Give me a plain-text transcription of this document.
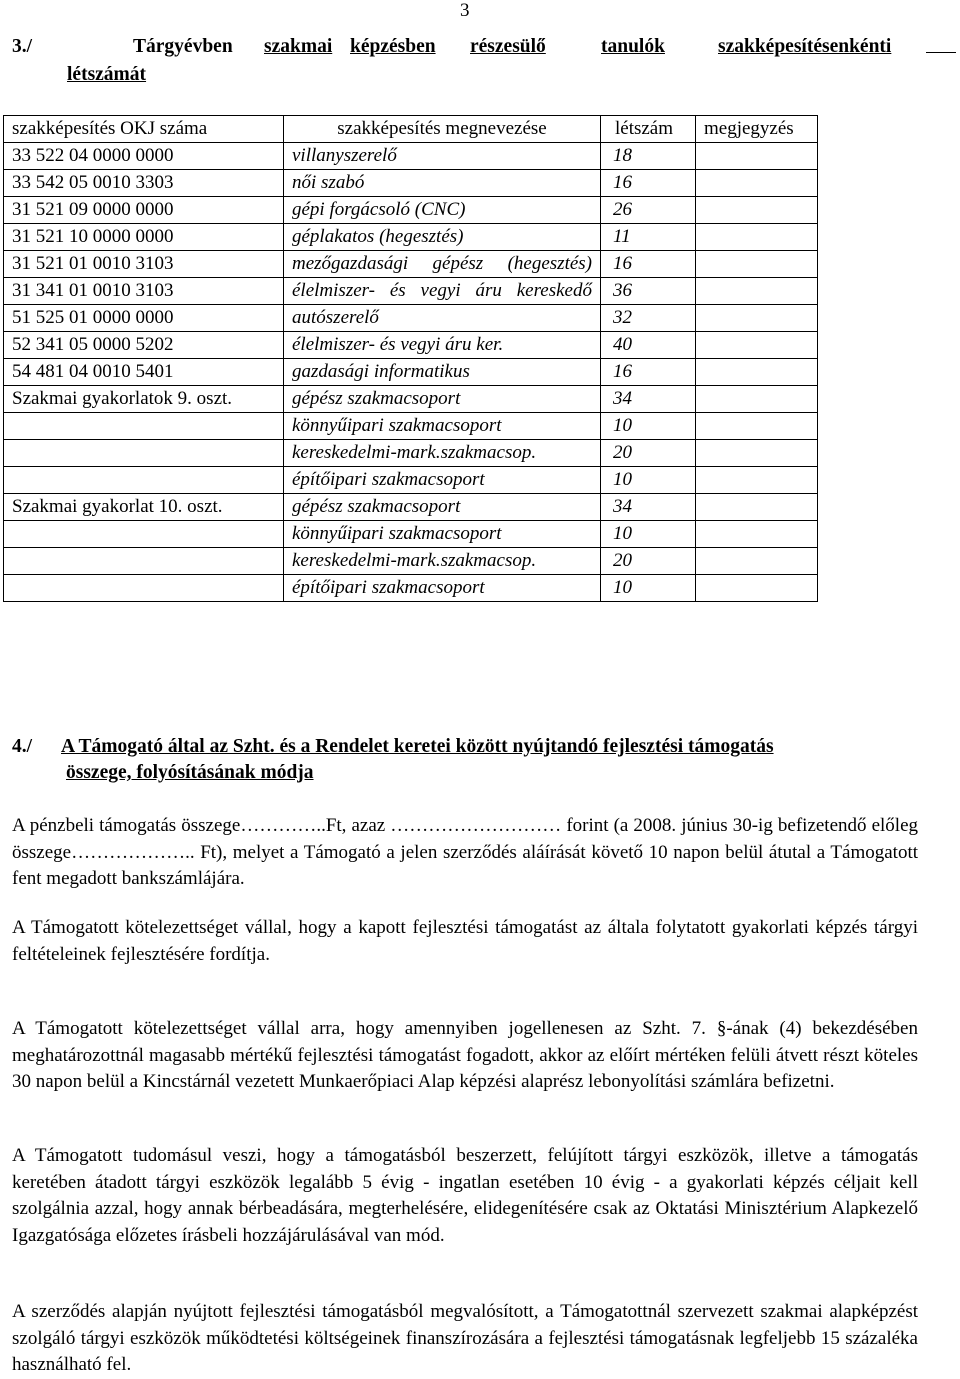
3
3./	Tárgyévben szakmai képzésben részesülő	tanulók	szakképesítésenkénti
létszámát
szakképesítés OKJ száma	szakképesítés megnevezése	létszám	megjegyzés
33 522 04 0000 0000	villanyszerelő	18	
33 542 05 0010 3303	női szabó	16	
31 521 09 0000 0000	gépi forgácsoló (CNC)	26	
31 521 10 0000 0000	géplakatos (hegesztés)	11	
31 521 01 0010 3103	mezőgazdasági gépész (hegesztés)	16	
31 341 01 0010 3103	élelmiszer- és vegyi áru kereskedő	36	
51 525 01 0000 0000	autószerelő	32	
52 341 05 0000 5202	élelmiszer- és vegyi áru ker.	40	
54 481 04 0010 5401	gazdasági informatikus	16	
Szakmai gyakorlatok 9. oszt.	gépész szakmacsoport	34	
	könnyűipari szakmacsoport	10	
	kereskedelmi-mark.szakmacsop.	20	
	építőipari szakmacsoport	10	
Szakmai gyakorlat 10. oszt.	gépész szakmacsoport	34	
	könnyűipari szakmacsoport	10	
	kereskedelmi-mark.szakmacsop.	20	
	építőipari szakmacsoport	10	
4./ A Támogató által az Szht. és a Rendelet keretei között nyújtandó fejlesztési támogatás
összege, folyósításának módja

A pénzbeli támogatás összege…………..Ft, azaz ……………………… forint (a 2008. június 30-ig befizetendő előleg összege……………….. Ft), melyet a Támogató a jelen szerződés aláírását követő 10 napon belül átutal a Támogatott fent megadott bankszámlájára.

A Támogatott kötelezettséget vállal, hogy a kapott fejlesztési támogatást az általa folytatott gyakorlati képzés tárgyi feltételeinek fejlesztésére fordítja.

A Támogatott kötelezettséget vállal arra, hogy amennyiben jogellenesen az Szht. 7. §-ának (4) bekezdésében meghatározottnál magasabb mértékű fejlesztési támogatást fogadott, akkor az előírt mértéken felüli átvett részt köteles 30 napon belül a Kincstárnál vezetett Munkaerőpiaci Alap képzési alaprész lebonyolítási számlára befizetni.

A Támogatott tudomásul veszi, hogy a támogatásból beszerzett, felújított tárgyi eszközök, illetve a támogatás keretében átadott tárgyi eszközök legalább 5 évig - ingatlan esetében 10 évig - a gyakorlati képzés céljait kell szolgálnia azzal, hogy annak bérbeadására, megterhelésére, elidegenítésére csak az Oktatási Minisztérium Alapkezelő Igazgatósága előzetes írásbeli hozzájárulásával van mód.

A szerződés alapján nyújtott fejlesztési támogatásból megvalósított, a Támogatottnál szervezett szakmai alapképzést szolgáló tárgyi eszközök működtetési költségeinek finanszírozására a fejlesztési támogatásnak legfeljebb 15 százaléka használható fel.
